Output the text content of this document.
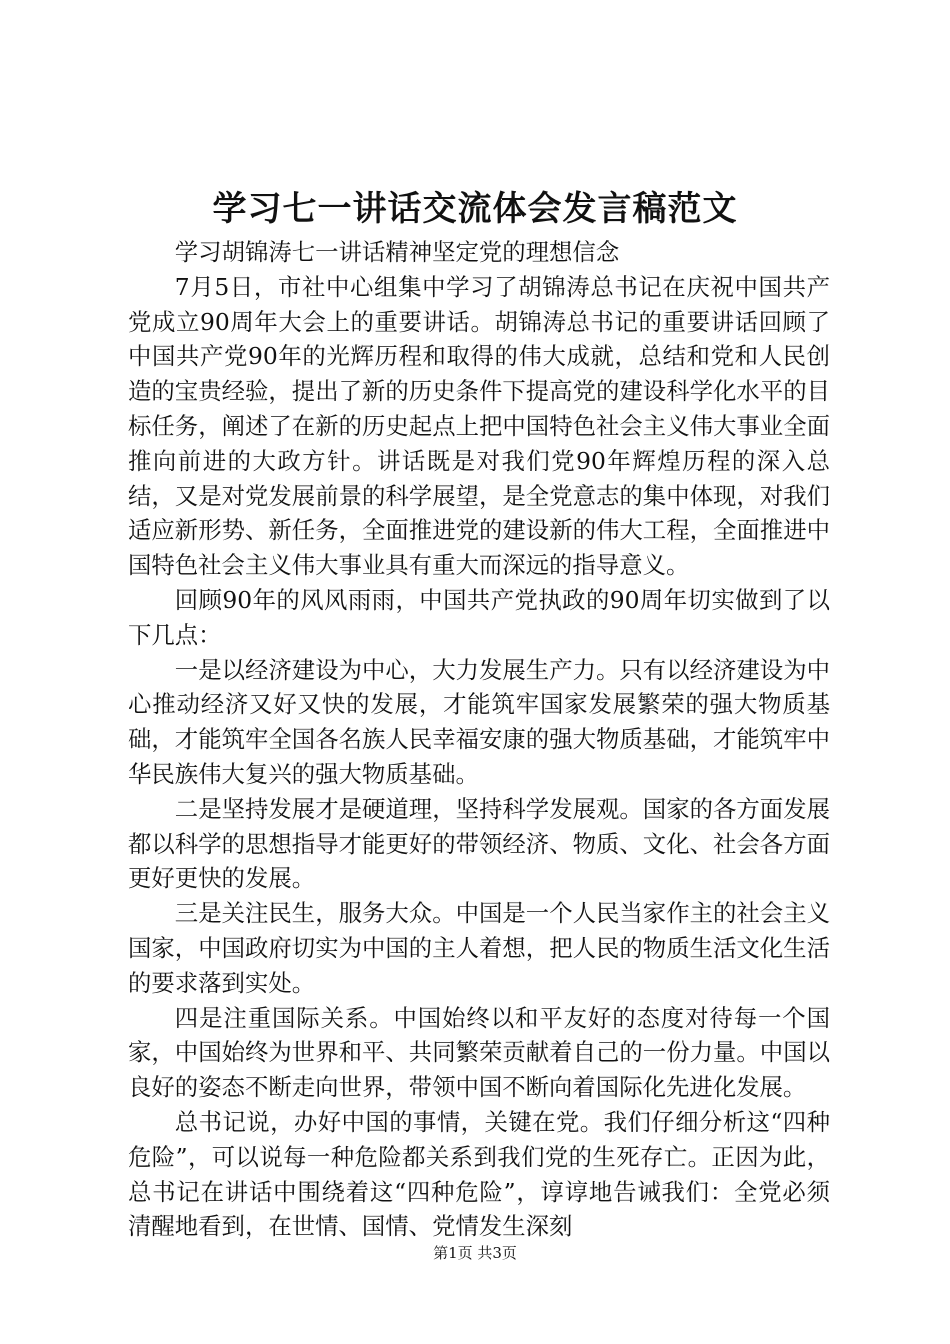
学习七一讲话交流体会发言稿范文

学习胡锦涛七一讲话精神坚定党的理想信念

7月5日，市社中心组集中学习了胡锦涛总书记在庆祝中国共产党成立90周年大会上的重要讲话。胡锦涛总书记的重要讲话回顾了中国共产党90年的光辉历程和取得的伟大成就，总结和党和人民创造的宝贵经验，提出了新的历史条件下提高党的建设科学化水平的目标任务，阐述了在新的历史起点上把中国特色社会主义伟大事业全面推向前进的大政方针。讲话既是对我们党90年辉煌历程的深入总结，又是对党发展前景的科学展望，是全党意志的集中体现，对我们适应新形势、新任务，全面推进党的建设新的伟大工程，全面推进中国特色社会主义伟大事业具有重大而深远的指导意义。

回顾90年的风风雨雨，中国共产党执政的90周年切实做到了以下几点：

一是以经济建设为中心，大力发展生产力。只有以经济建设为中心推动经济又好又快的发展，才能筑牢国家发展繁荣的强大物质基础，才能筑牢全国各名族人民幸福安康的强大物质基础，才能筑牢中华民族伟大复兴的强大物质基础。

二是坚持发展才是硬道理，坚持科学发展观。国家的各方面发展都以科学的思想指导才能更好的带领经济、物质、文化、社会各方面更好更快的发展。

三是关注民生，服务大众。中国是一个人民当家作主的社会主义国家，中国政府切实为中国的主人着想，把人民的物质生活文化生活的要求落到实处。

四是注重国际关系。中国始终以和平友好的态度对待每一个国家，中国始终为世界和平、共同繁荣贡献着自己的一份力量。中国以良好的姿态不断走向世界，带领中国不断向着国际化先进化发展。

总书记说，办好中国的事情，关键在党。我们仔细分析这“四种危险”，可以说每一种危险都关系到我们党的生死存亡。正因为此，总书记在讲话中围绕着这“四种危险”，谆谆地告诫我们：全党必须清醒地看到，在世情、国情、党情发生深刻

第1页 共3页
